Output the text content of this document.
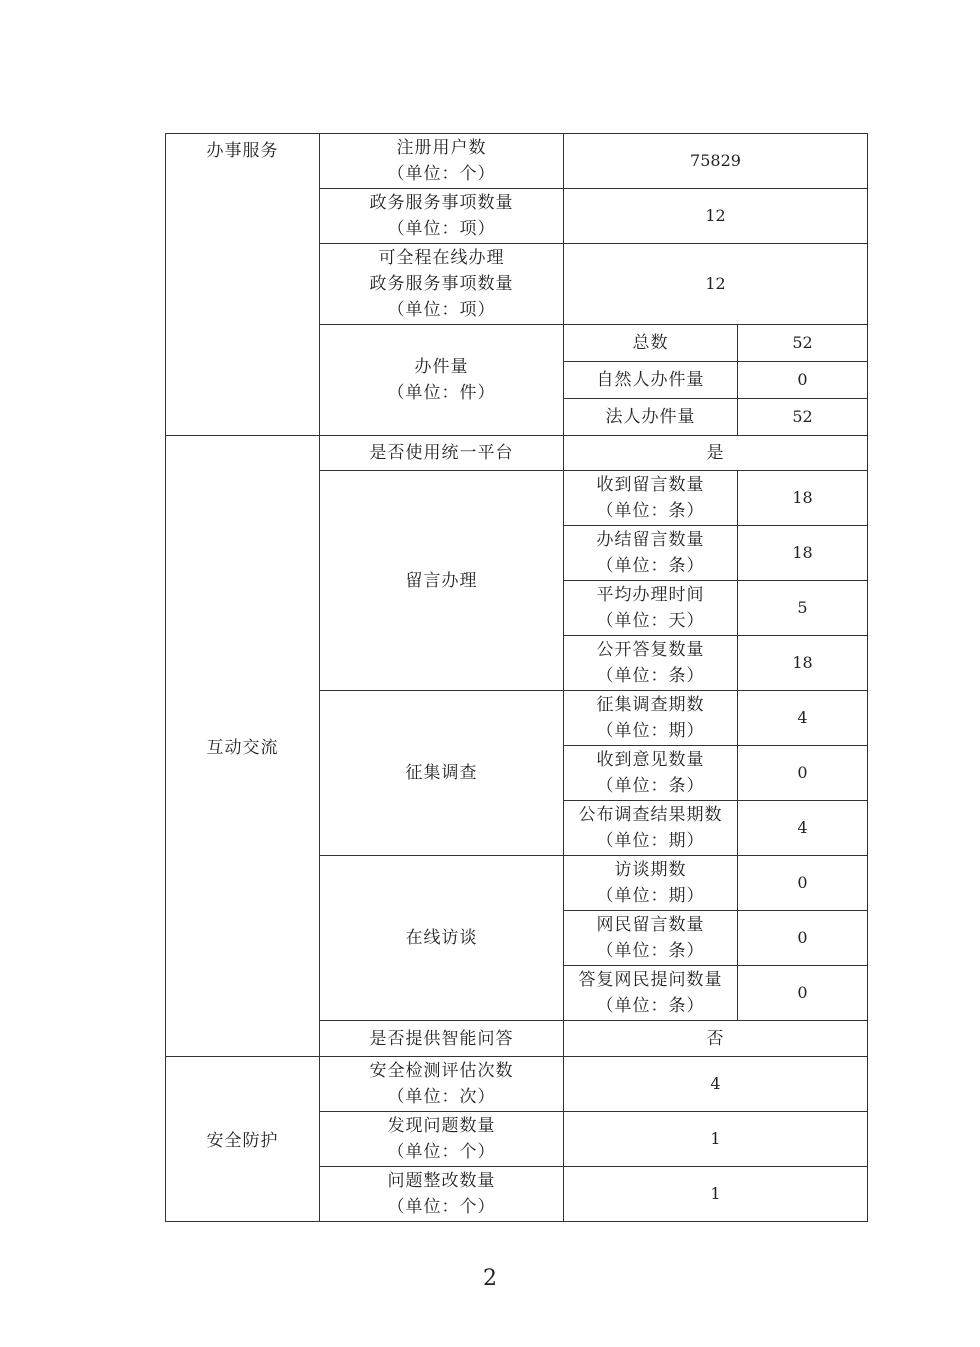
办事服务	注册用户数
（单位：个）	75829	

	政务服务事项数量
（单位：项）	12	

	可全程在线办理
政务服务事项数量
（单位：项）	12	

	办件量
（单位：件）	总数	52
		自然人办件量	0
		法人办件量	52
互动交流	是否使用统一平台	是	
	留言办理	收到留言数量
（单位：条）	18

		办结留言数量
（单位：条）	18

		平均办理时间
（单位：天）	5

		公开答复数量
（单位：条）	18
	征集调查	征集调查期数
（单位：期）	4

		收到意见数量
（单位：条）	0

		公布调查结果期数
（单位：期）	4
	在线访谈	访谈期数
（单位：期）	0

		网民留言数量
（单位：条）	0

		答复网民提问数量
（单位：条）	0
	是否提供智能问答	否	
安全防护	安全检测评估次数
（单位：次）	4	

	发现问题数量
（单位：个）	1	

	问题整改数量
（单位：个）	1	
2
